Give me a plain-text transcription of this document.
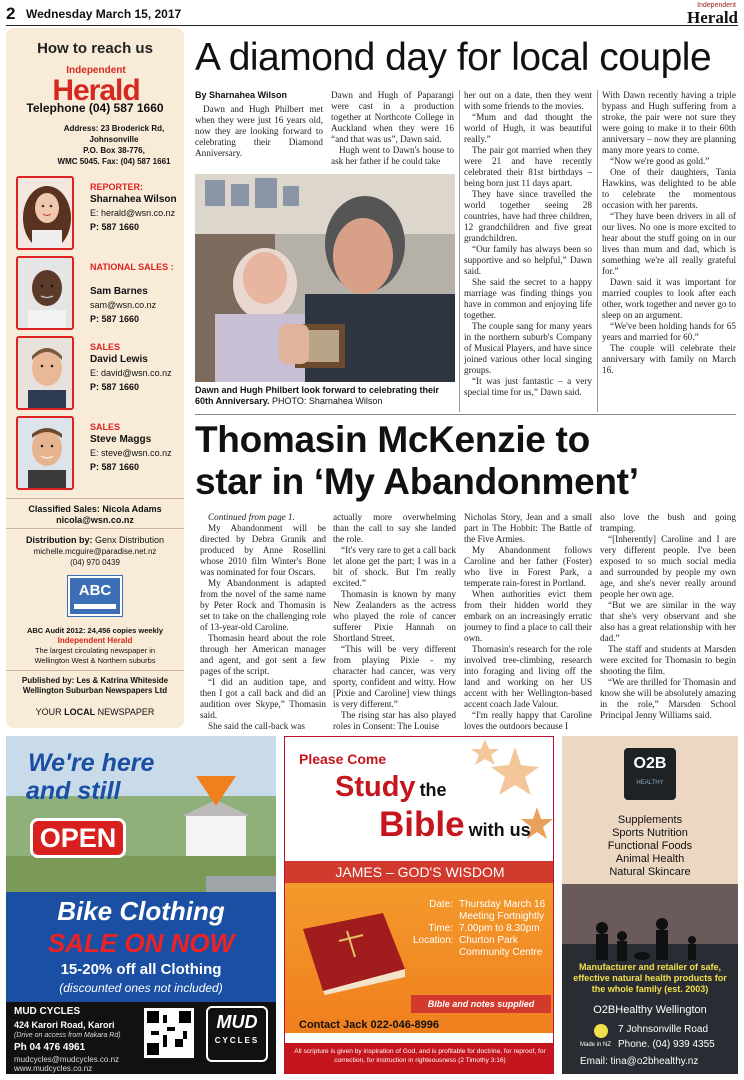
2 Wednesday March 15, 2017
Independent
Herald
How to reach us
Independent
Herald
Telephone (04) 587 1660
Address: 23 Broderick Rd,
Johnsonville
P.O. Box 38-776,
WMC 5045. Fax: (04) 587 1661
REPORTER:
Sharnahea Wilson
E: herald@wsn.co.nz
P: 587 1660
NATIONAL SALES :
Sam Barnes
sam@wsn.co.nz
P: 587 1660
SALES
David Lewis
E: david@wsn.co.nz
P: 587 1660
SALES
Steve Maggs
E: steve@wsn.co.nz
P: 587 1660
Classified Sales: Nicola Adams
nicola@wsn.co.nz
Distribution by: Genx Distribution
michelle.mcguire@paradise.net.nz
(04) 970 0439
ABC
ABC Audit 2012: 24,456 copies weekly
Independent Herald
The largest circulating newspaper in Wellington West & Northern suburbs
Published by: Les & Katrina Whiteside
Wellington Suburban Newspapers Ltd
YOUR LOCAL NEWSPAPER
A diamond day for local couple
By Sharnahea Wilson

Dawn and Hugh Philbert met when they were just 16 years old, now they are looking forward to celebrating their Diamond Anniversary.

Dawn and Hugh of Paparangi were cast in a production together at Northcote College in Auckland when they were 16 “and that was us”, Dawn said.

Hugh went to Dawn's house to ask her father if he could take

Dawn and Hugh Philbert look forward to celebrating their 60th Anniversary. PHOTO: Sharnahea Wilson

her out on a date, then they went with some friends to the movies.

“Mum and dad thought the world of Hugh, it was beautiful really.”

The pair got married when they were 21 and have recently celebrated their 81st birthdays – being born just 11 days apart.

They have since travelled the world together seeing 28 countries, have had three children, 12 grandchildren and five great grandchildren.

“Our family has always been so supportive and so helpful,” Dawn said.

She said the secret to a happy marriage was finding things you have in common and enjoying life together.

The couple sang for many years in the northern suburb's Company of Musical Players, and have since joined various other local singing groups.

“It was just fantastic – a very special time for us,” Dawn said.

With Dawn recently having a triple bypass and Hugh suffering from a stroke, the pair were not sure they were going to make it to their 60th anniversary – now they are planning many more years to come.

“Now we're good as gold.”

One of their daughters, Tania Hawkins, was delighted to be able to celebrate the momentous occasion with her parents.

“They have been drivers in all of our lives. No one is more excited to hear about the stuff going on in our lives than mum and dad, which is something we're all really grateful for.”

Dawn said it was important for married couples to look after each other, work together and never go to sleep on an argument.

“We've been holding hands for 65 years and married for 60.”

The couple will celebrate their anniversary with family on March 16.

Thomasin McKenzie to
star in ‘My Abandonment’

Continued from page 1.

My Abandonment will be directed by Debra Granik and produced by Anne Rosellini whose 2010 film Winter's Bone was nominated for four Oscars.

My Abandonment is adapted from the novel of the same name by Peter Rock and Thomasin is set to take on the challenging role of 13-year-old Caroline.

Thomasin heard about the role through her American manager and agent, and got sent a few pages of the script.

“I did an audition tape, and then I got a call back and did an audition over Skype,” Thomasin said.

She said the call-back was

actually more overwhelming than the call to say she landed the role.

“It's very rare to get a call back let alone get the part; I was in a bit of shock. But I'm really excited.”

Thomasin is known by many New Zealanders as the actress who played the role of cancer sufferer Pixie Hannah on Shortland Street.

“This will be very different from playing Pixie - my character had cancer, was very sporty, confident and witty. How [Pixie and Caroline] view things is very different.”

The rising star has also played roles in Consent: The Louise

Nicholas Story, Jean and a small part in The Hobbit: The Battle of the Five Armies.

My Abandonment follows Caroline and her father (Foster) who live in Forest Park, a temperate rain-forest in Portland.

When authorities evict them from their hidden world they embark on an increasingly erratic journey to find a place to call their own.

Thomasin's research for the role involved tree-climbing, research into foraging and living off the land and working on her US accent with her Wellington-based accent coach Jade Valour.

“I'm really happy that Caroline loves the outdoors because I

also love the bush and going tramping.

“[Inherently] Caroline and I are very different people. I've been exposed to so much social media and surrounded by people my own age, and she's never really around people her own age.

“But we are similar in the way that she's very observant and she also has a great relationship with her dad.”

The staff and students at Marsden were excited for Thomasin to begin shooting the film.

“We are thrilled for Thomasin and know she will be absolutely amazing in the role,” Marsden School Principal Jenny Williams said.

We're here
and still
OPEN
Bike Clothing
SALE ON NOW
15-20% off all Clothing
(discounted ones not included)
MUD CYCLES
424 Karori Road, Karori
(Drive on access from Makara Rd)
Ph 04 476 4961
mudcycles@mudcycles.co.nz
www.mudcycles.co.nz
MUD
CYCLES
Please Come
Study the
Bible with us
JAMES – GOD'S WISDOM
Date: Thursday March 16
Meeting Fortnightly
Time: 7.00pm to 8.30pm
Location: Churton Park
Community Centre
Bible and notes supplied
Contact Jack 022-046-8996
All scripture is given by inspiration of God, and is profitable for doctrine, for reproof, for correction, for instruction in righteousness (2 Timothy 3:16)
O2B
HEALTHY
Supplements
Sports Nutrition
Functional Foods
Animal Health
Natural Skincare
Manufacturer and retailer of safe, effective natural health products for the whole family (est. 2003)
O2BHealthy Wellington
7 Johnsonville Road
Made in NZ Phone. (04) 939 4355
Email: tina@o2bhealthy.nz
